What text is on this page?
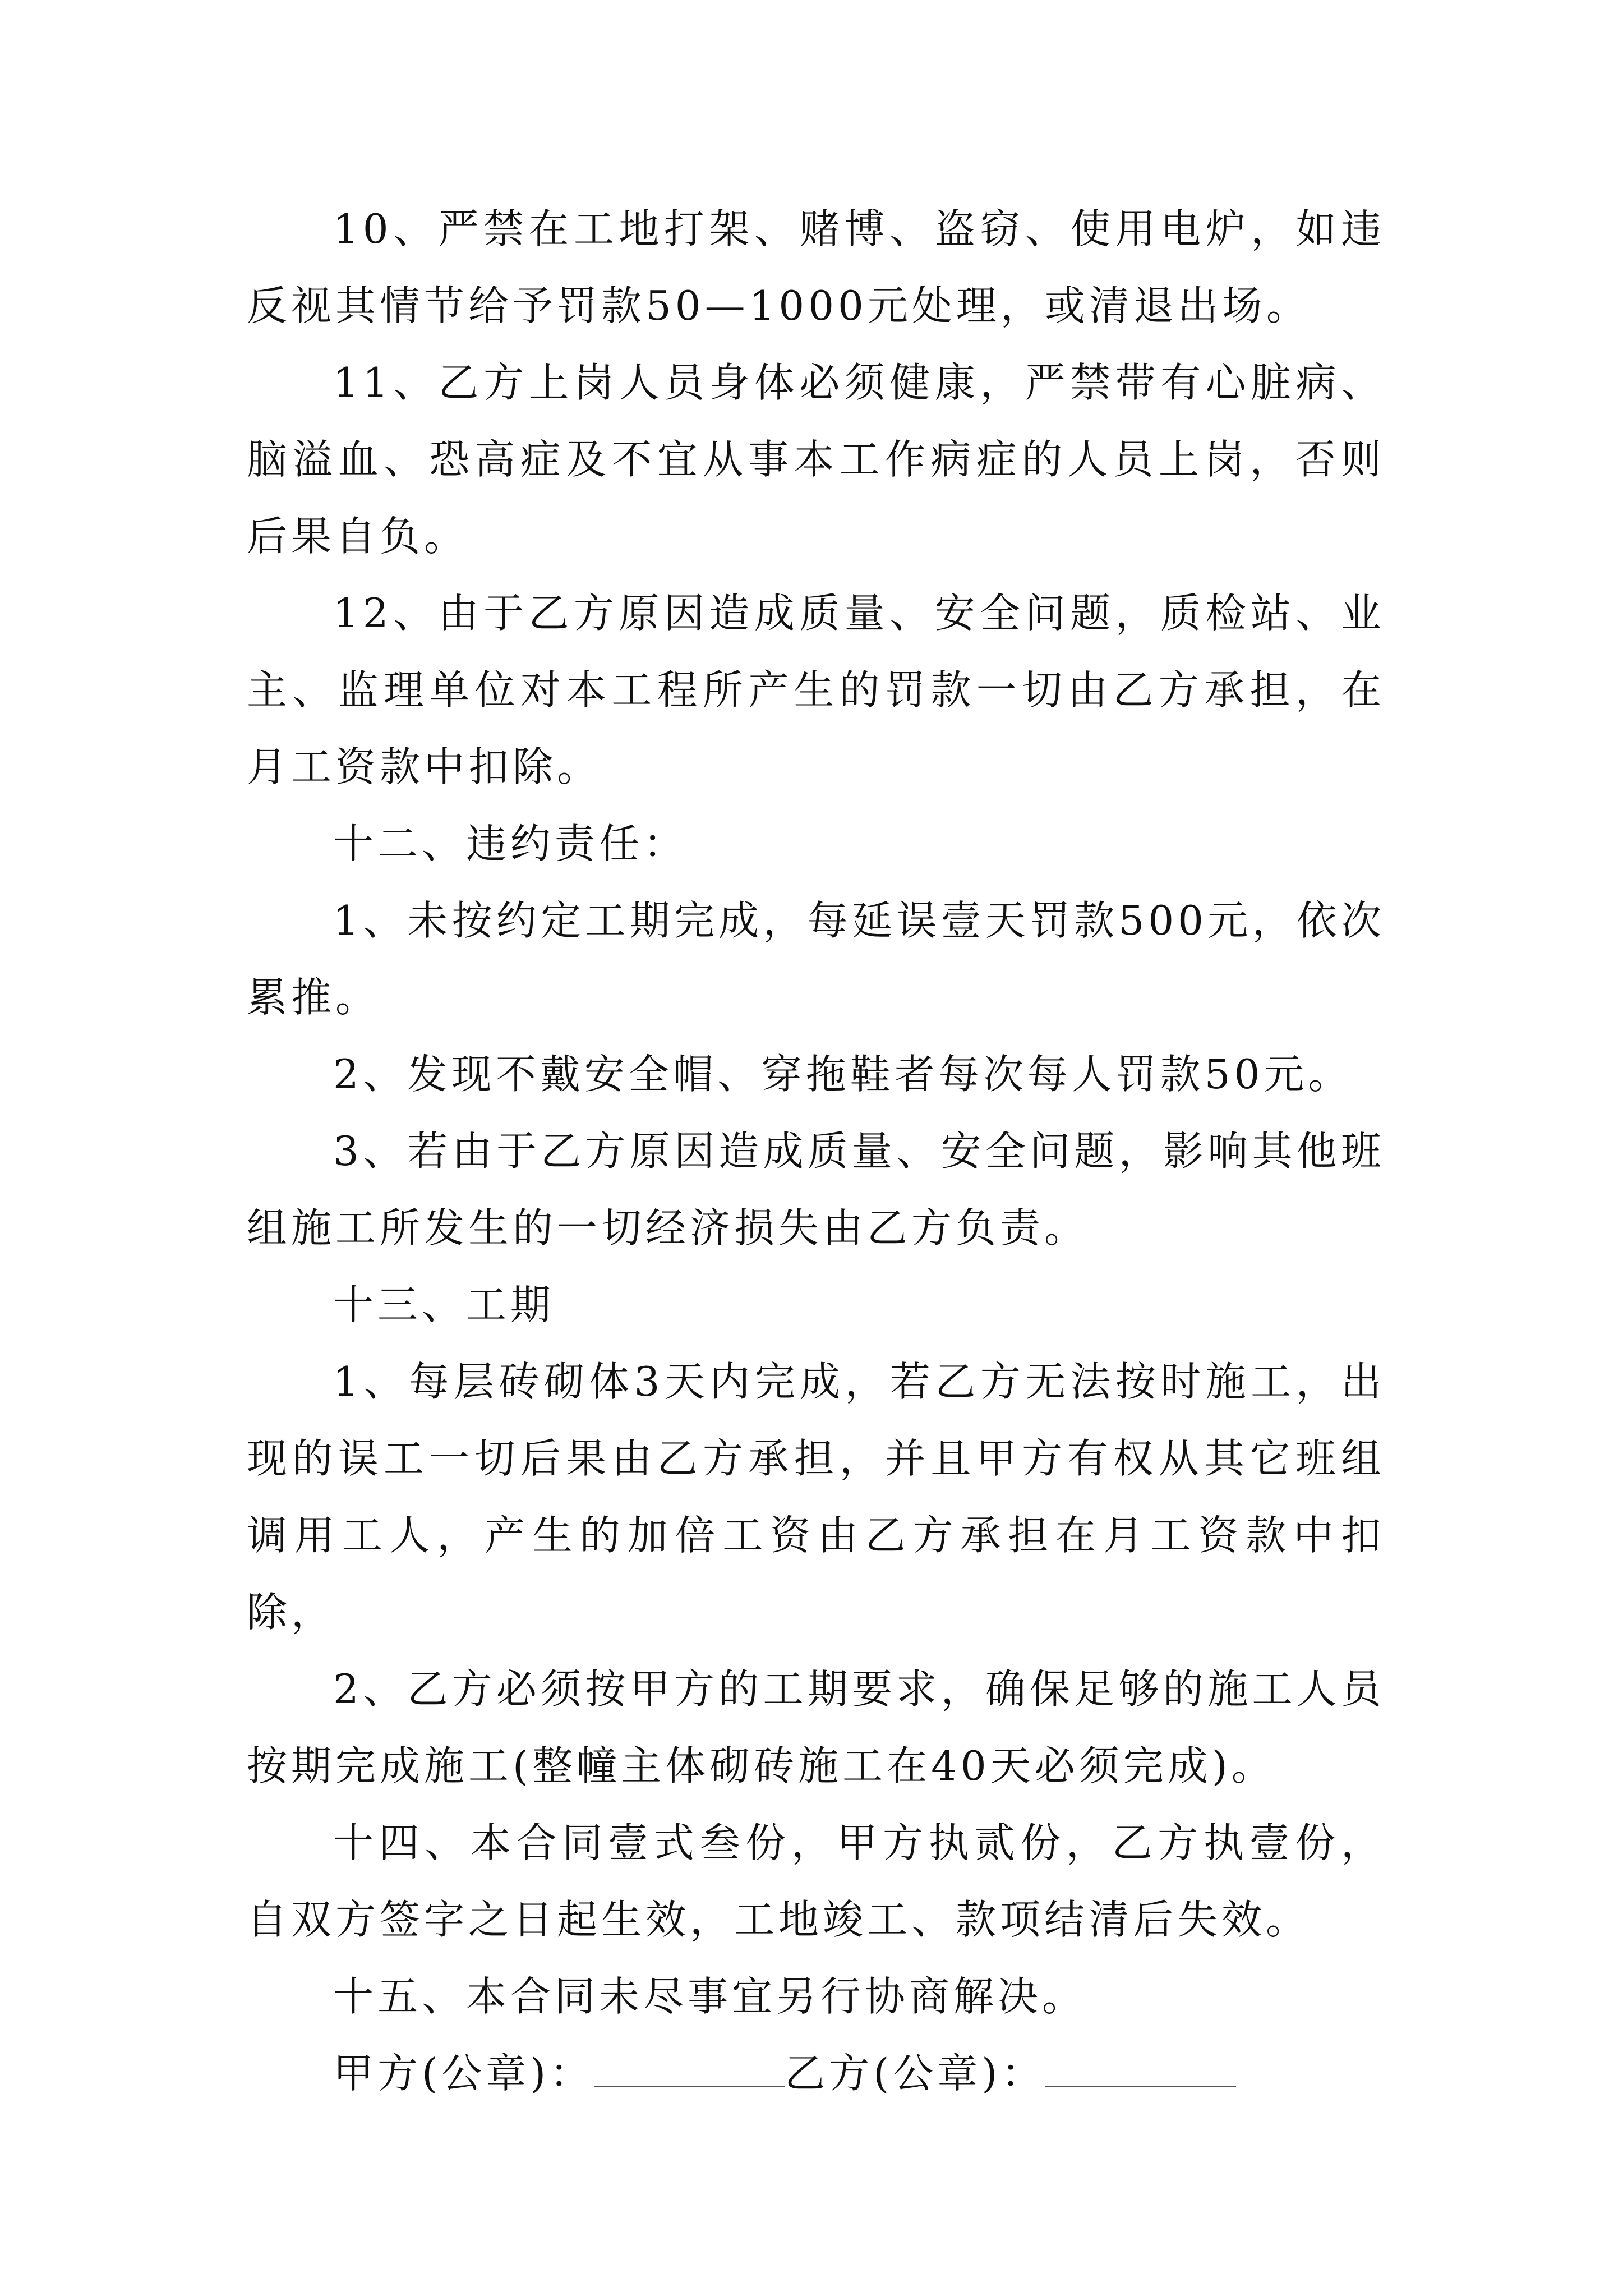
10、严禁在工地打架、赌博、盗窃、使用电炉，如违反视其情节给予罚款50—1000元处理，或清退出场。

11、乙方上岗人员身体必须健康，严禁带有心脏病、脑溢血、恐高症及不宜从事本工作病症的人员上岗，否则后果自负。

12、由于乙方原因造成质量、安全问题，质检站、业主、监理单位对本工程所产生的罚款一切由乙方承担，在月工资款中扣除。

十二、违约责任：

1、未按约定工期完成，每延误壹天罚款500元，依次累推。

2、发现不戴安全帽、穿拖鞋者每次每人罚款50元。

3、若由于乙方原因造成质量、安全问题，影响其他班组施工所发生的一切经济损失由乙方负责。

十三、工期

1、每层砖砌体3天内完成，若乙方无法按时施工，出现的误工一切后果由乙方承担，并且甲方有权从其它班组调用工人，产生的加倍工资由乙方承担在月工资款中扣除，

2、乙方必须按甲方的工期要求，确保足够的施工人员按期完成施工(整幢主体砌砖施工在40天必须完成)。

十四、本合同壹式叁份，甲方执贰份，乙方执壹份，自双方签字之日起生效，工地竣工、款项结清后失效。

十五、本合同未尽事宜另行协商解决。

甲方(公章)：	乙方(公章)：
